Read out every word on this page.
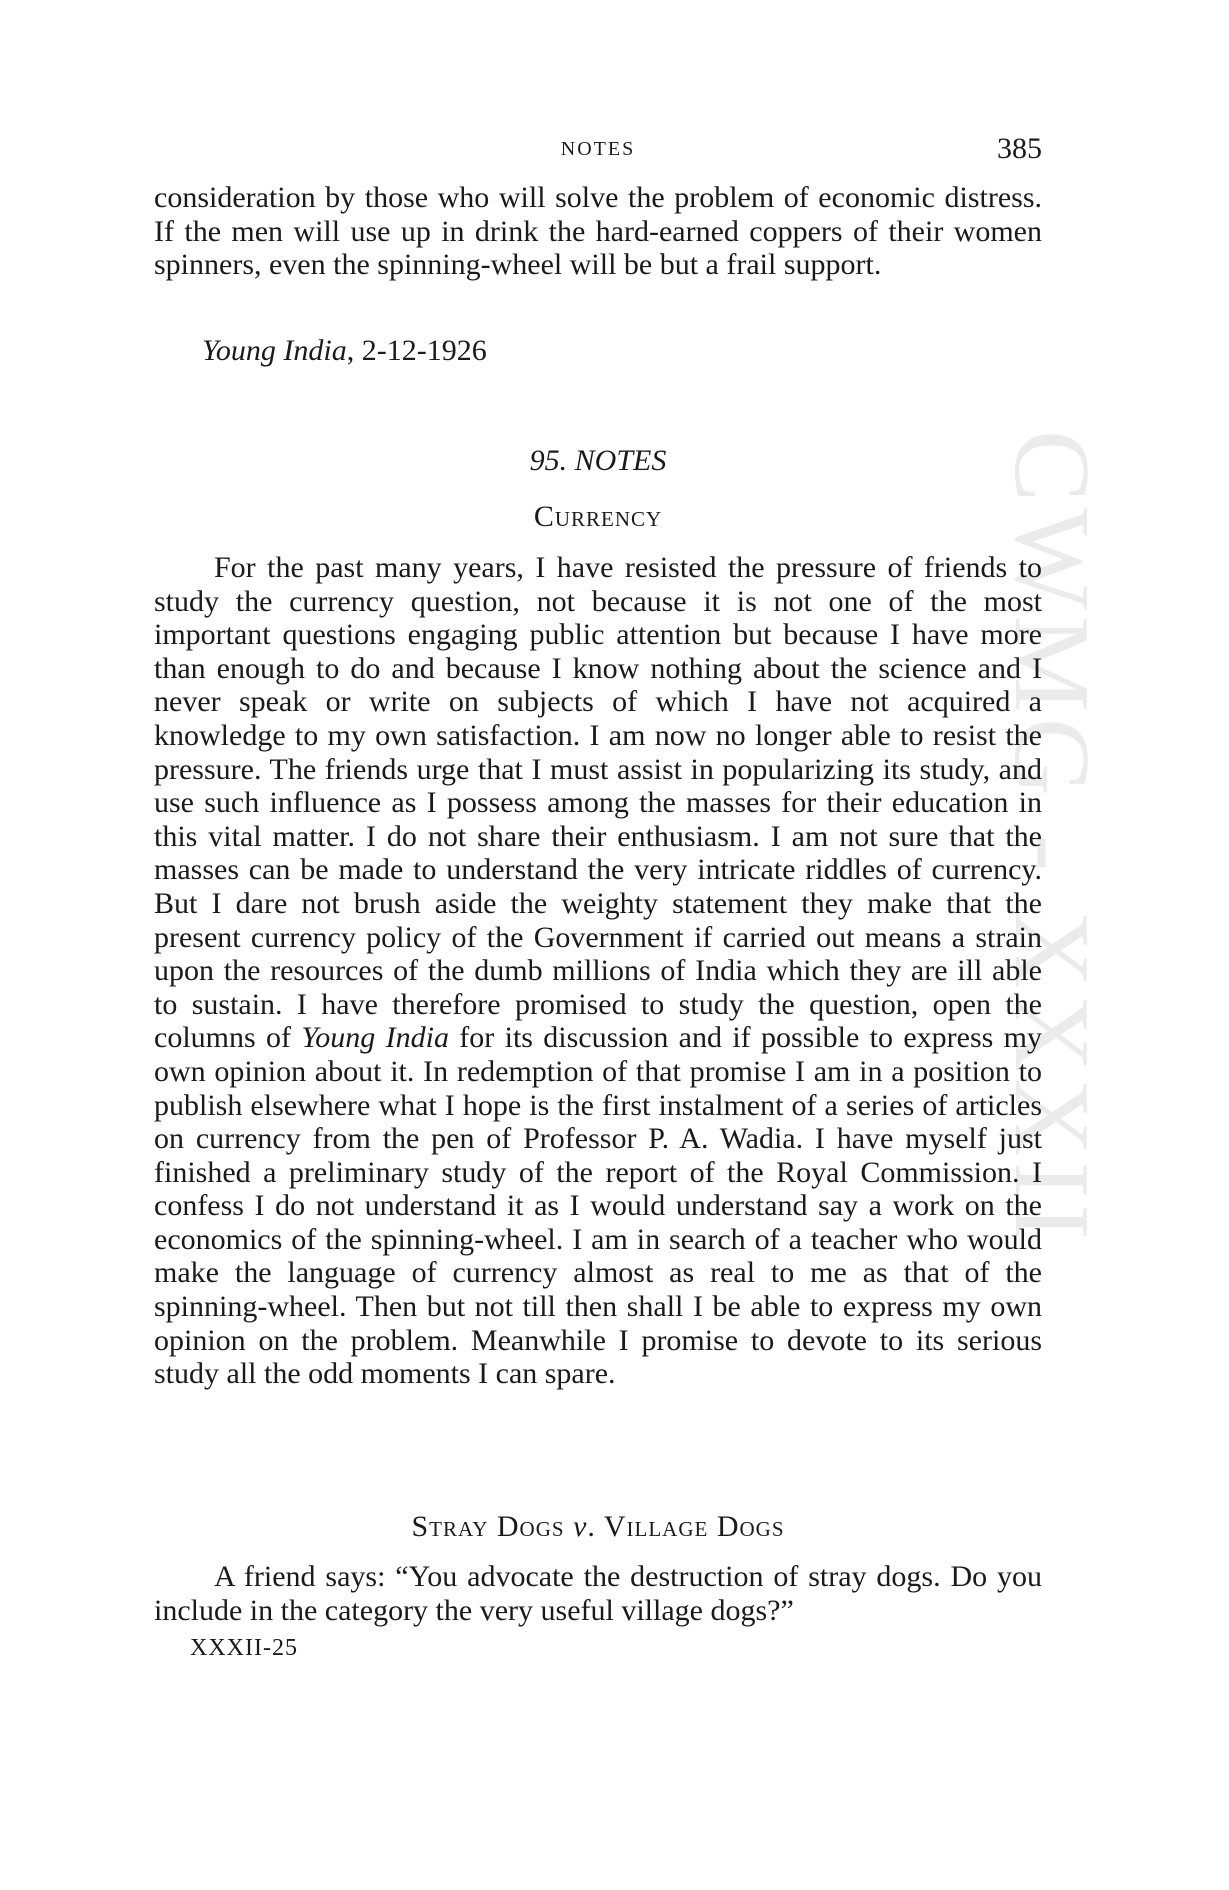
CWMG - XXXII
NOTES	385
consideration by those who will solve the problem of economic distress. If the men will use up in drink the hard-earned coppers of their women spinners, even the spinning-wheel will be but a frail support.
Young India, 2-12-1926
95. NOTES
Currency

For the past many years, I have resisted the pressure of friends to study the currency question, not because it is not one of the most important questions engaging public attention but because I have more than enough to do and because I know nothing about the science and I never speak or write on subjects of which I have not acquired a knowledge to my own satisfaction. I am now no longer able to resist the pressure. The friends urge that I must assist in popularizing its study, and use such influence as I possess among the masses for their education in this vital matter. I do not share their enthusiasm. I am not sure that the masses can be made to understand the very intricate riddles of currency. But I dare not brush aside the weighty statement they make that the present currency policy of the Government if carried out means a strain upon the resources of the dumb millions of India which they are ill able to sustain. I have therefore promised to study the question, open the columns of Young India for its discussion and if possible to express my own opinion about it. In redemption of that promise I am in a position to publish elsewhere what I hope is the first instalment of a series of articles on currency from the pen of Professor P. A. Wadia. I have myself just finished a preliminary study of the report of the Royal Commission. I confess I do not understand it as I would understand say a work on the economics of the spinning-wheel. I am in search of a teacher who would make the language of currency almost as real to me as that of the spinning-wheel. Then but not till then shall I be able to express my own opinion on the problem. Meanwhile I promise to devote to its serious study all the odd moments I can spare.

Stray Dogs v. Village Dogs

A friend says: “You advocate the destruction of stray dogs. Do you include in the category the very useful village dogs?”

XXXII-25
